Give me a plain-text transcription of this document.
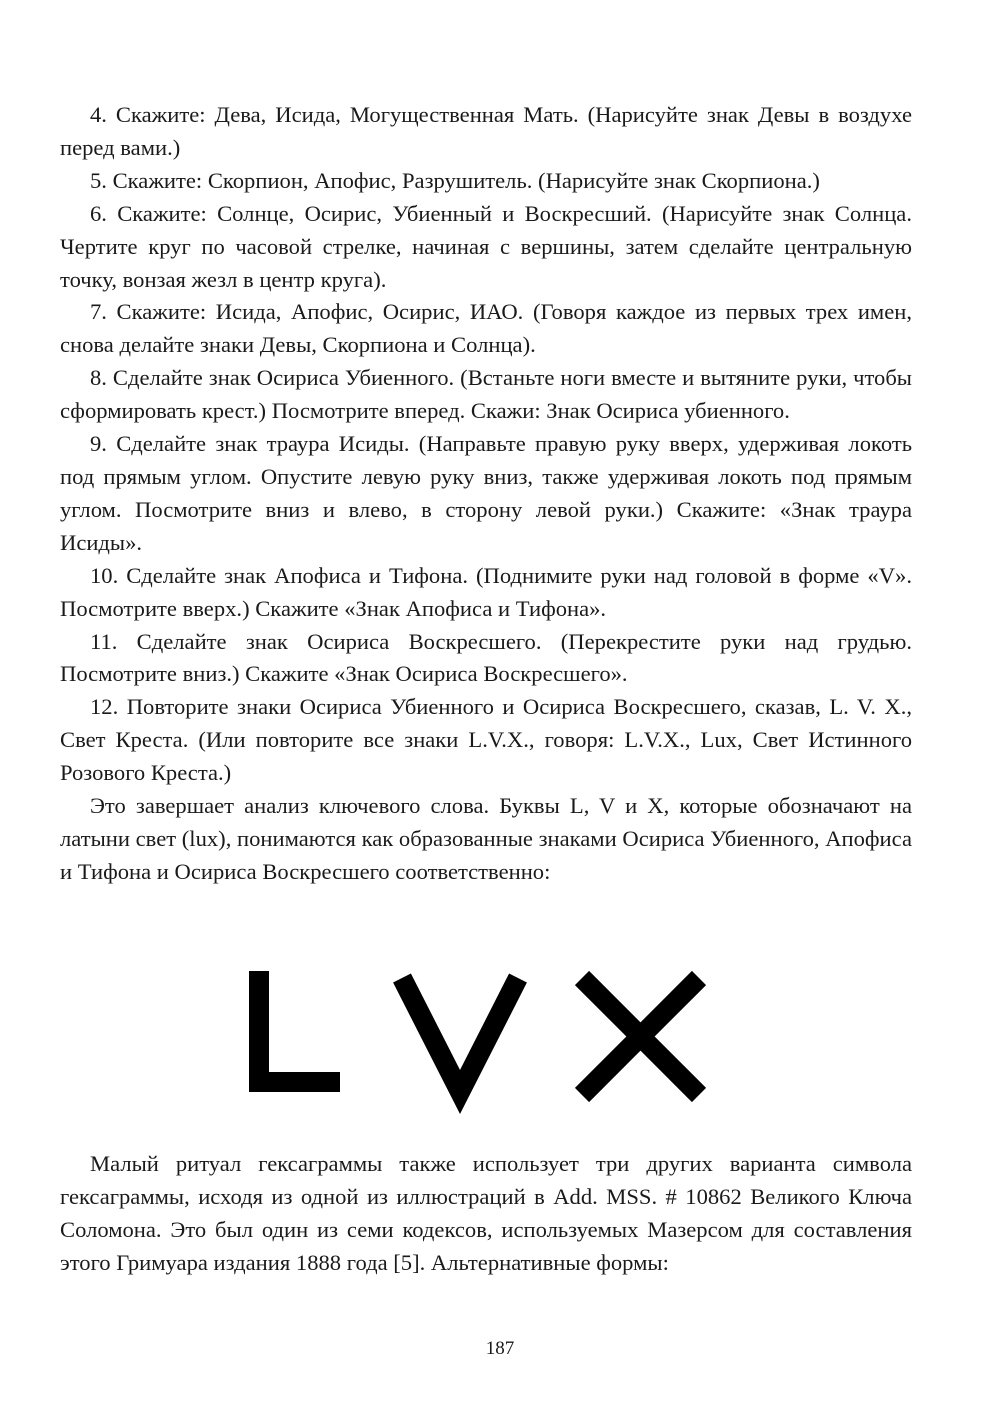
4. Скажите: Дева, Исида, Могущественная Мать. (Нарисуйте знак Девы в воздухе перед вами.)

5. Скажите: Скорпион, Апофис, Разрушитель. (Нарисуйте знак Скорпиона.)

6. Скажите: Солнце, Осирис, Убиенный и Воскресший. (Нарисуйте знак Солнца. Чертите круг по часовой стрелке, начиная с вершины, затем сделайте центральную точку, вонзая жезл в центр круга).

7. Скажите: Исида, Апофис, Осирис, ИАО. (Говоря каждое из первых трех имен, снова делайте знаки Девы, Скорпиона и Солнца).

8. Сделайте знак Осириса Убиенного. (Встаньте ноги вместе и вытяните руки, чтобы сформировать крест.) Посмотрите вперед. Скажи: Знак Осириса убиенного.

9. Сделайте знак траура Исиды. (Направьте правую руку вверх, удерживая локоть под прямым углом. Опустите левую руку вниз, также удерживая локоть под прямым углом. Посмотрите вниз и влево, в сторону левой руки.) Скажите: «Знак траура Исиды».

10. Сделайте знак Апофиса и Тифона. (Поднимите руки над головой в форме «V». Посмотрите вверх.) Скажите «Знак Апофиса и Тифона».

11. Сделайте знак Осириса Воскресшего. (Перекрестите руки над грудью. Посмотрите вниз.) Скажите «Знак Осириса Воскресшего».

12. Повторите знаки Осириса Убиенного и Осириса Воскресшего, сказав, L. V. X., Свет Креста. (Или повторите все знаки L.V.X., говоря: L.V.X., Lux, Свет Истинного Розового Креста.)

Это завершает анализ ключевого слова. Буквы L, V и X, которые обозначают на латыни свет (lux), понимаются как образованные знаками Осириса Убиенного, Апофиса и Тифона и Осириса Воскресшего соответственно:

Малый ритуал гексаграммы также использует три других варианта символа гексаграммы, исходя из одной из иллюстраций в Add. MSS. # 10862 Великого Ключа Соломона. Это был один из семи кодексов, используемых Мазерсом для составления этого Гримуара издания 1888 года [5]. Альтернативные формы:

187
